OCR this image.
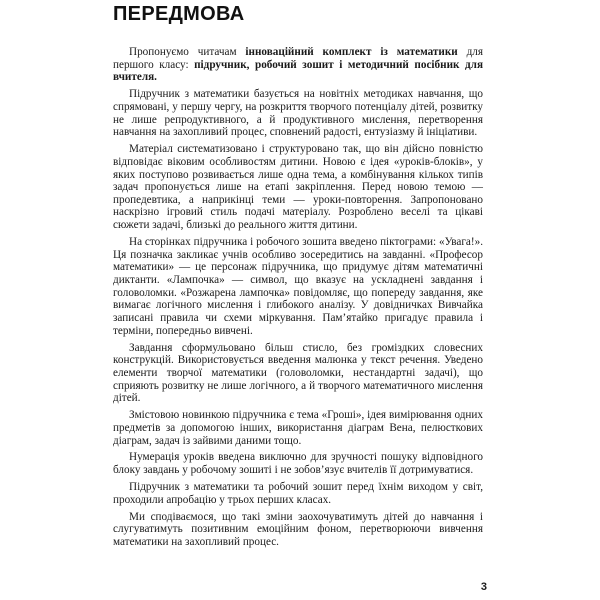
ПЕРЕДМОВА

Пропонуємо читачам інноваційний комплект із математики для першого класу: підручник, робочий зошит і методичний посібник для вчителя.

Підручник з математики базується на новітніх методиках навчання, що спрямовані, у першу чергу, на розкриття творчого потенціалу дітей, розвитку не лише репродуктивного, а й продуктивного мислення, перетворення навчання на захопливий процес, сповнений радості, ентузіазму й ініціативи.

Матеріал систематизовано і структуровано так, що він дійсно повністю відповідає віковим особливостям дитини. Новою є ідея «уроків-блоків», у яких поступово розвивається лише одна тема, а комбінування кількох типів задач пропонується лише на етапі закріплення. Перед новою темою — пропедевтика, а наприкінці теми — уроки-повторення. Запропоновано наскрізно ігровий стиль подачі матеріалу. Розроблено веселі та цікаві сюжети задачі, близькі до реального життя дитини.

На сторінках підручника і робочого зошита введено піктограми: «Увага!». Ця позначка закликає учнів особливо зосередитись на завданні. «Професор математики» — це персонаж підручника, що придумує дітям математичні диктанти. «Лампочка» — символ, що вказує на ускладнені завдання і головоломки. «Розжарена лампочка» повідомляє, що попереду завдання, яке вимагає логічного мислення і глибокого аналізу. У довідничках Вивчайка записані правила чи схеми міркування. Пам’ятайко пригадує правила і терміни, попередньо вивчені.

Завдання сформульовано більш стисло, без громіздких словесних конструкцій. Використовується введення малюнка у текст речення. Уведено елементи творчої математики (головоломки, нестандартні задачі), що сприяють розвитку не лише логічного, а й творчого математичного мислення дітей.

Змістовою новинкою підручника є тема «Гроші», ідея вимірювання одних предметів за допомогою інших, використання діаграм Вена, пелюсткових діаграм, задач із зайвими даними тощо.

Нумерація уроків введена виключно для зручності пошуку відповідного блоку завдань у робочому зошиті і не зобов’язує вчителів її дотримуватися.

Підручник з математики та робочий зошит перед їхнім виходом у світ, проходили апробацію у трьох перших класах.

Ми сподіваємося, що такі зміни заохочуватимуть дітей до навчання і слугуватимуть позитивним емоційним фоном, перетворюючи вивчення математики на захопливий процес.

3
